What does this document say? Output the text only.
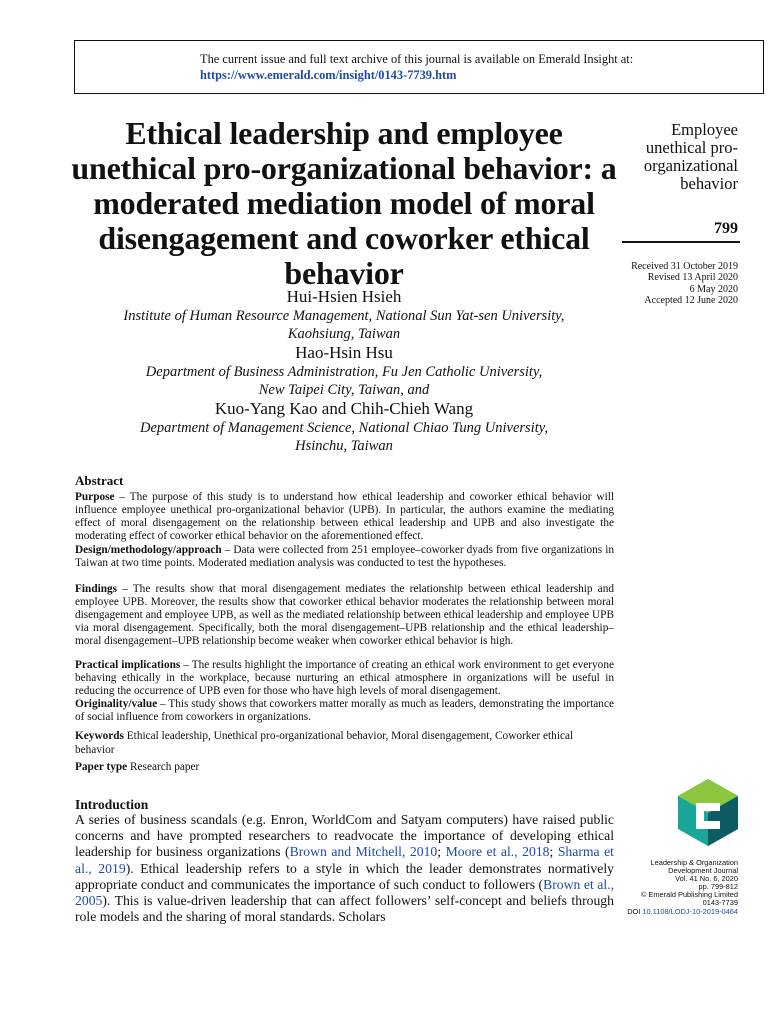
The current issue and full text archive of this journal is available on Emerald Insight at:
https://www.emerald.com/insight/0143-7739.htm
Ethical leadership and employee unethical pro-organizational behavior: a moderated mediation model of moral disengagement and coworker ethical behavior
Employee unethical pro-organizational behavior
799
Received 31 October 2019
Revised 13 April 2020
6 May 2020
Accepted 12 June 2020
Hui-Hsien Hsieh
Institute of Human Resource Management, National Sun Yat-sen University,
Kaohsiung, Taiwan
Hao-Hsin Hsu
Department of Business Administration, Fu Jen Catholic University,
New Taipei City, Taiwan, and
Kuo-Yang Kao and Chih-Chieh Wang
Department of Management Science, National Chiao Tung University,
Hsinchu, Taiwan
Abstract
Purpose – The purpose of this study is to understand how ethical leadership and coworker ethical behavior will influence employee unethical pro-organizational behavior (UPB). In particular, the authors examine the mediating effect of moral disengagement on the relationship between ethical leadership and UPB and also investigate the moderating effect of coworker ethical behavior on the aforementioned effect.
Design/methodology/approach – Data were collected from 251 employee–coworker dyads from five organizations in Taiwan at two time points. Moderated mediation analysis was conducted to test the hypotheses.
Findings – The results show that moral disengagement mediates the relationship between ethical leadership and employee UPB. Moreover, the results show that coworker ethical behavior moderates the relationship between moral disengagement and employee UPB, as well as the mediated relationship between ethical leadership and employee UPB via moral disengagement. Specifically, both the moral disengagement–UPB relationship and the ethical leadership–moral disengagement–UPB relationship become weaker when coworker ethical behavior is high.
Practical implications – The results highlight the importance of creating an ethical work environment to get everyone behaving ethically in the workplace, because nurturing an ethical atmosphere in organizations will be useful in reducing the occurrence of UPB even for those who have high levels of moral disengagement.
Originality/value – This study shows that coworkers matter morally as much as leaders, demonstrating the importance of social influence from coworkers in organizations.
Keywords Ethical leadership, Unethical pro-organizational behavior, Moral disengagement, Coworker ethical behavior
Paper type Research paper
Introduction
A series of business scandals (e.g. Enron, WorldCom and Satyam computers) have raised public concerns and have prompted researchers to readvocate the importance of developing ethical leadership for business organizations (Brown and Mitchell, 2010; Moore et al., 2018; Sharma et al., 2019). Ethical leadership refers to a style in which the leader demonstrates normatively appropriate conduct and communicates the importance of such conduct to followers (Brown et al., 2005). This is value-driven leadership that can affect followers’ self-concept and beliefs through role models and the sharing of moral standards. Scholars
Leadership & Organization
Development Journal
Vol. 41 No. 6, 2020
pp. 799-812
© Emerald Publishing Limited
0143-7739
DOI 10.1108/LODJ-10-2019-0464
